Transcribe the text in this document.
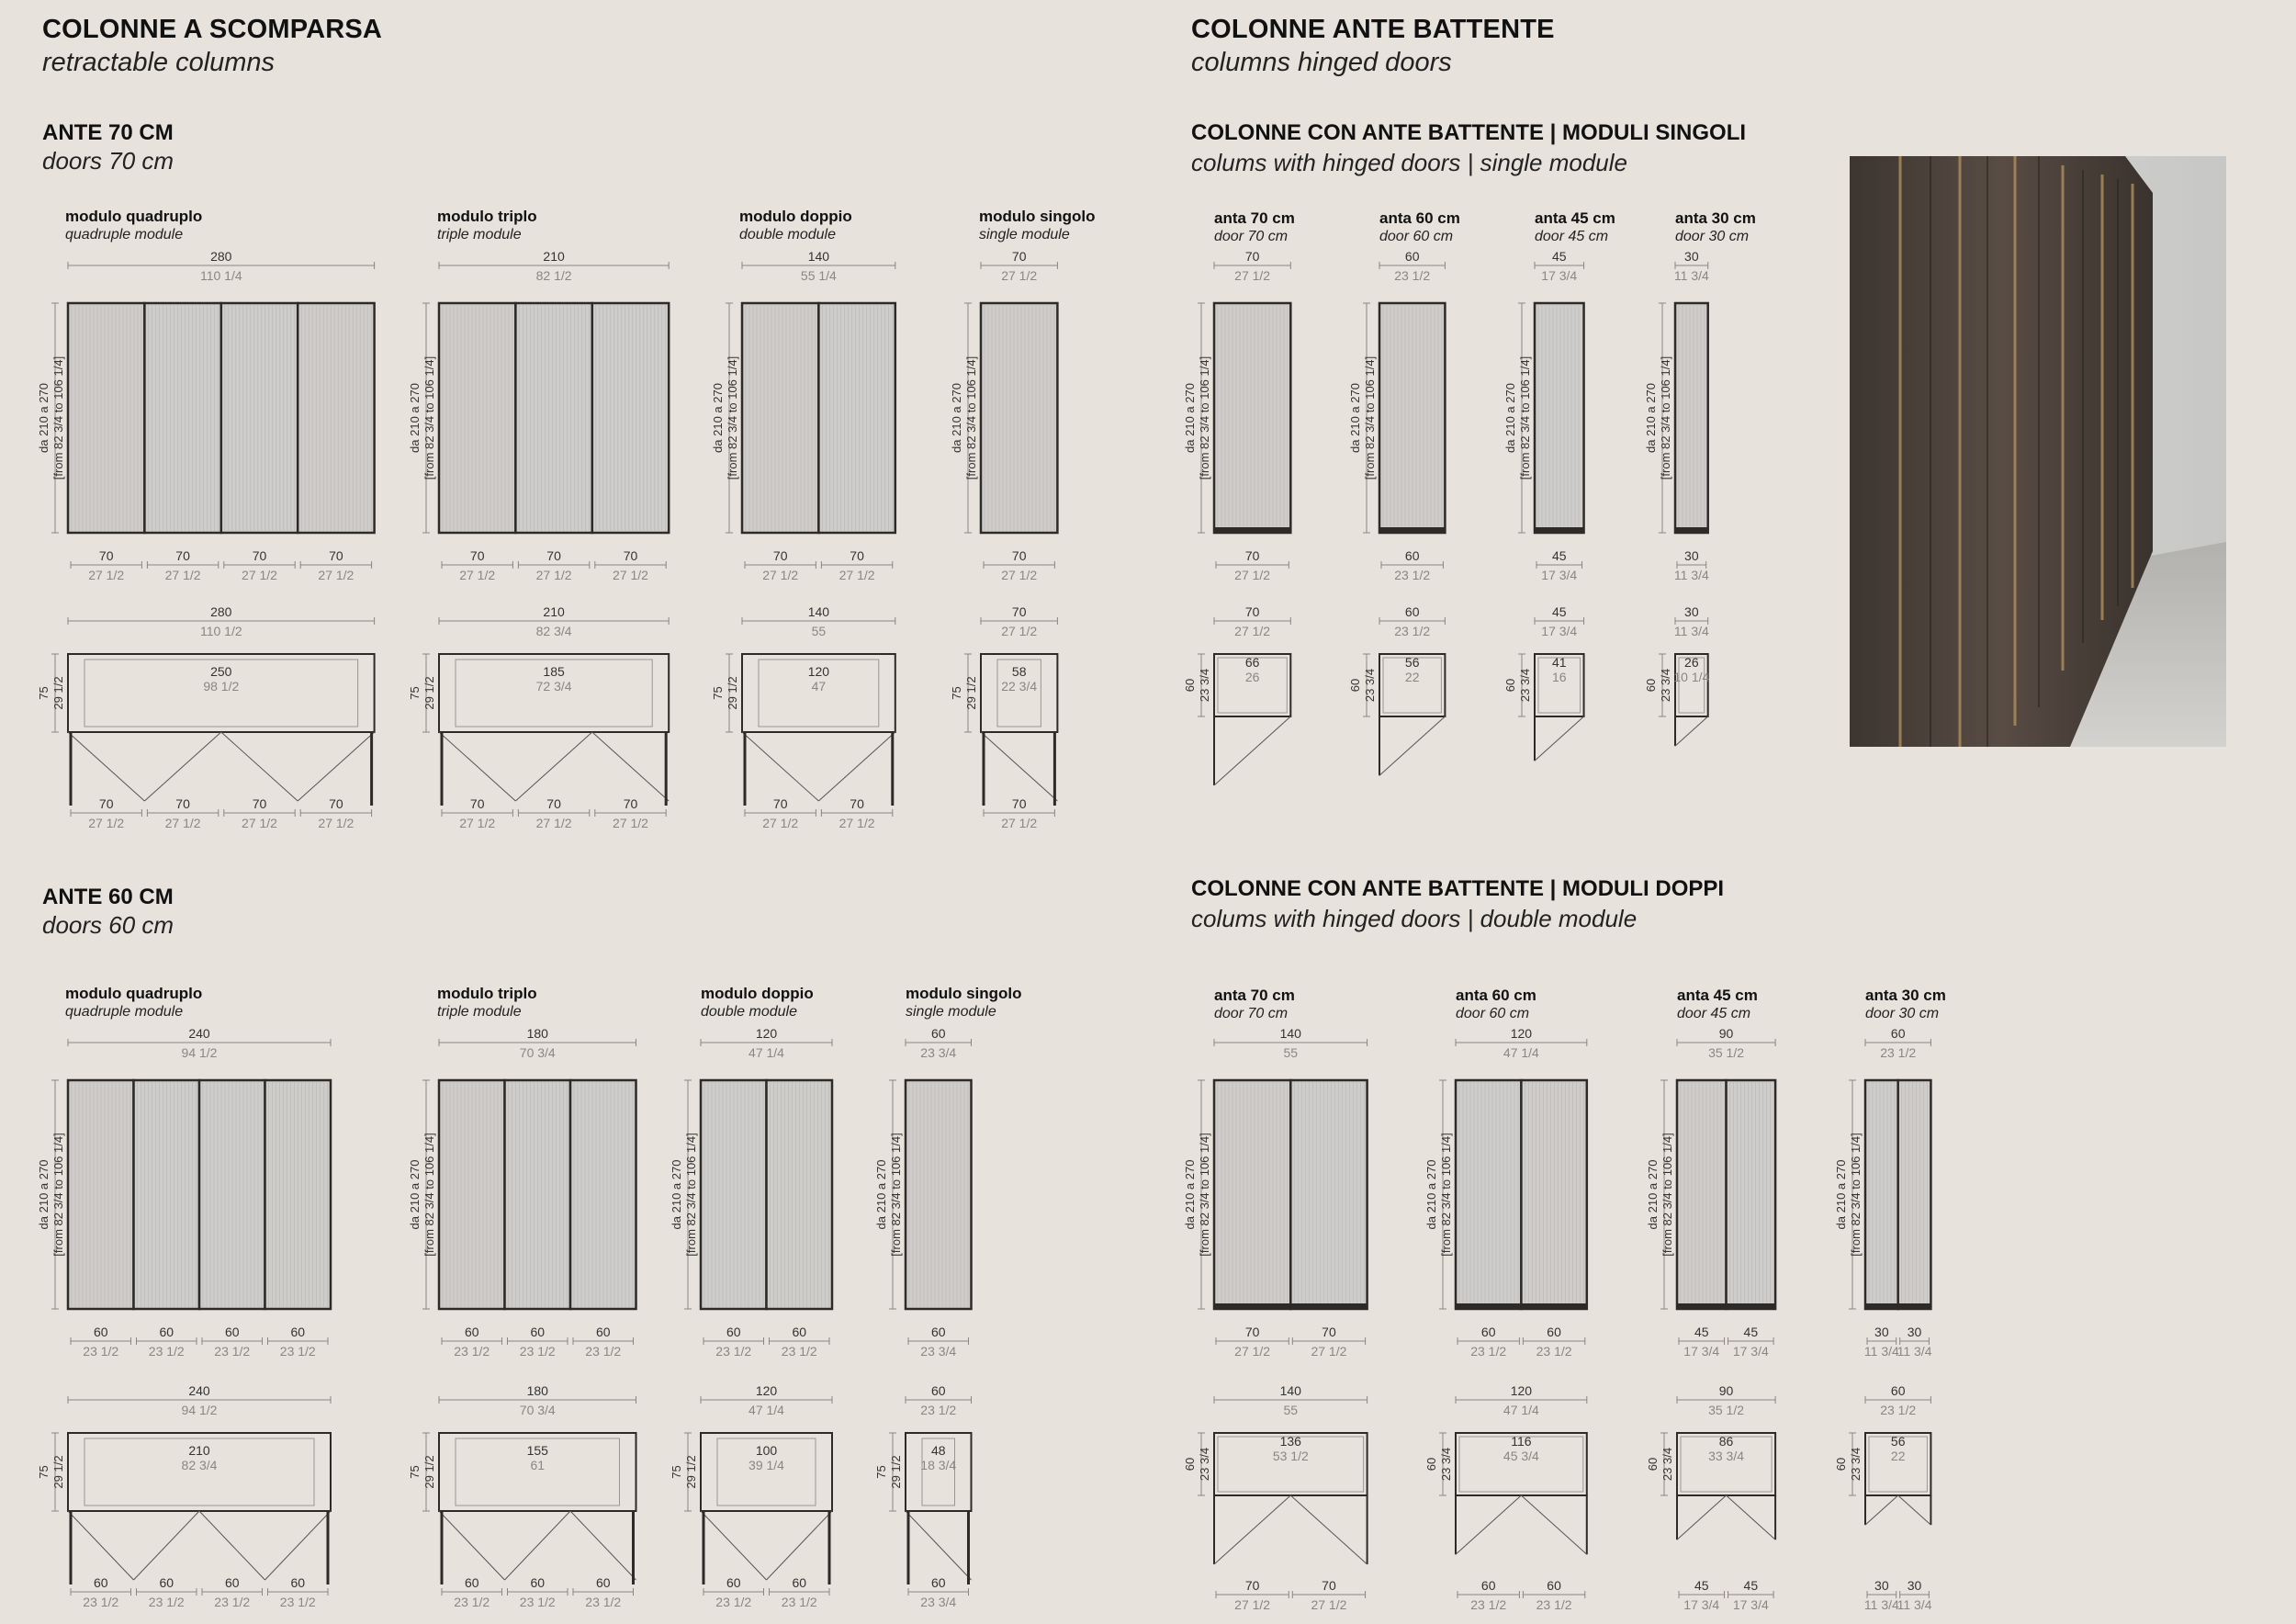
COLONNE A SCOMPARSA
retractable columns
ANTE 70 CM
doors 70 cm
ANTE 60 CM
doors 60 cm
COLONNE ANTE BATTENTE
columns hinged doors
COLONNE CON ANTE BATTENTE | MODULI SINGOLI
colums with hinged doors | single module
COLONNE CON ANTE BATTENTE | MODULI DOPPI
colums with hinged doors | double module
modulo quadruplo
quadruple module
modulo triplo
triple module
modulo doppio
double module
modulo singolo
single module
modulo quadruplo
quadruple module
modulo triplo
triple module
modulo doppio
double module
modulo singolo
single module
anta 70 cm
door 70 cm
anta 60 cm
door 60 cm
anta 45 cm
door 45 cm
anta 30 cm
door 30 cm
anta 70 cm
door 70 cm
anta 60 cm
door 60 cm
anta 45 cm
door 45 cm
anta 30 cm
door 30 cm
280
110 1/4
da 210 a 270 [from 82 3/4 to 106 1/4]
70
27 1/2
70
27 1/2
70
27 1/2
70
27 1/2
280
110 1/2
250
98 1/2
75 29 1/2
70
27 1/2
70
27 1/2
70
27 1/2
70
27 1/2
210
82 1/2
da 210 a 270 [from 82 3/4 to 106 1/4]
70
27 1/2
70
27 1/2
70
27 1/2
210
82 3/4
185
72 3/4
75 29 1/2
70
27 1/2
70
27 1/2
70
27 1/2
140
55 1/4
da 210 a 270 [from 82 3/4 to 106 1/4]
70
27 1/2
70
27 1/2
140
55
120
47
75 29 1/2
70
27 1/2
70
27 1/2
70
27 1/2
da 210 a 270 [from 82 3/4 to 106 1/4]
70
27 1/2
70
27 1/2
58
22 3/4
75 29 1/2
70
27 1/2
240
94 1/2
da 210 a 270 [from 82 3/4 to 106 1/4]
60
23 1/2
60
23 1/2
60
23 1/2
60
23 1/2
240
94 1/2
210
82 3/4
75 29 1/2
60
23 1/2
60
23 1/2
60
23 1/2
60
23 1/2
180
70 3/4
da 210 a 270 [from 82 3/4 to 106 1/4]
60
23 1/2
60
23 1/2
60
23 1/2
180
70 3/4
155
61
75 29 1/2
60
23 1/2
60
23 1/2
60
23 1/2
120
47 1/4
da 210 a 270 [from 82 3/4 to 106 1/4]
60
23 1/2
60
23 1/2
120
47 1/4
100
39 1/4
75 29 1/2
60
23 1/2
60
23 1/2
60
23 3/4
da 210 a 270 [from 82 3/4 to 106 1/4]
60
23 3/4
60
23 1/2
48
18 3/4
75 29 1/2
60
23 3/4
70
27 1/2
da 210 a 270 [from 82 3/4 to 106 1/4]
70
27 1/2
70
27 1/2
66
26
60 23 3/4
60
23 1/2
da 210 a 270 [from 82 3/4 to 106 1/4]
60
23 1/2
60
23 1/2
56
22
60 23 3/4
45
17 3/4
da 210 a 270 [from 82 3/4 to 106 1/4]
45
17 3/4
45
17 3/4
41
16
60 23 3/4
30
11 3/4
da 210 a 270 [from 82 3/4 to 106 1/4]
30
11 3/4
30
11 3/4
26
10 1/4
60 23 3/4
140
55
da 210 a 270 [from 82 3/4 to 106 1/4]
70
27 1/2
70
27 1/2
140
55
136
53 1/2
60 23 3/4
70
27 1/2
70
27 1/2
120
47 1/4
da 210 a 270 [from 82 3/4 to 106 1/4]
60
23 1/2
60
23 1/2
120
47 1/4
116
45 3/4
60 23 3/4
60
23 1/2
60
23 1/2
90
35 1/2
da 210 a 270 [from 82 3/4 to 106 1/4]
45
17 3/4
45
17 3/4
90
35 1/2
86
33 3/4
60 23 3/4
45
17 3/4
45
17 3/4
60
23 1/2
da 210 a 270 [from 82 3/4 to 106 1/4]
30
11 3/4
30
11 3/4
60
23 1/2
56
22
60 23 3/4
30
11 3/4
30
11 3/4
